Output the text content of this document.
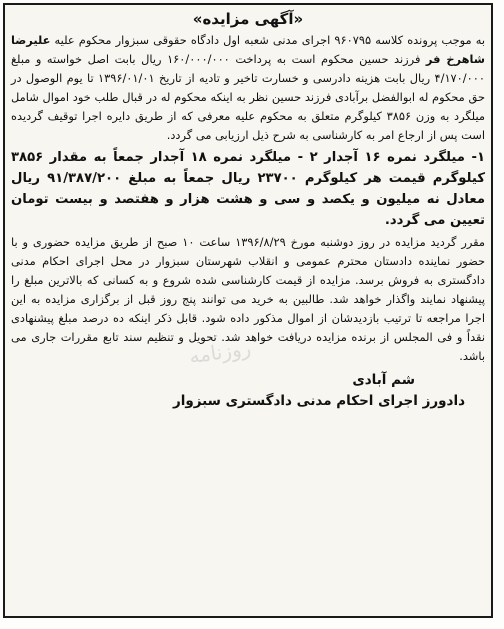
«آگهی مزایده»

به موجب پرونده کلاسه ۹۶۰۷۹۵ اجرای مدنی شعبه اول دادگاه حقوقی سبزوار محکوم علیه علیرضا شاهرخ فر فرزند حسین محکوم است به پرداخت ۱۶۰/۰۰۰/۰۰۰ ریال بابت اصل خواسته و مبلغ ۴/۱۷۰/۰۰۰ ریال بابت هزینه دادرسی و خسارت تاخیر و تادیه از تاریخ ۱۳۹۶/۰۱/۰۱ تا یوم الوصول در حق محکوم له ابوالفضل برآبادی فرزند حسین نظر به اینکه محکوم له در قبال طلب خود اموال شامل میلگرد به وزن ۳۸۵۶ کیلوگرم متعلق به محکوم علیه معرفی که از طریق دایره اجرا توقیف گردیده است پس از ارجاع امر به کارشناسی به شرح ذیل ارزیابی می گردد.

۱- میلگرد نمره ۱۶ آجدار ۲ - میلگرد نمره ۱۸ آجدار جمعاً به مقدار ۳۸۵۶ کیلوگرم قیمت هر کیلوگرم ۲۳۷۰۰ ریال جمعاً به مبلغ ۹۱/۳۸۷/۲۰۰ ریال معادل نه میلیون و یکصد و سی و هشت هزار و هفتصد و بیست تومان تعیین می گردد.

مقرر گردید مزایده در روز دوشنبه مورخ ۱۳۹۶/۸/۲۹ ساعت ۱۰ صبح از طریق مزایده حضوری و با حضور نماینده دادستان محترم عمومی و انقلاب شهرستان سبزوار در محل اجرای احکام مدنی دادگستری به فروش برسد. مزایده از قیمت کارشناسی شده شروع و به کسانی که بالاترین مبلغ را پیشنهاد نمایند واگذار خواهد شد. طالبین به خرید می توانند پنج روز قبل از برگزاری مزایده به این اجرا مراجعه تا ترتیب بازدیدشان از اموال مذکور داده شود. قابل ذکر اینکه ده درصد مبلغ پیشنهادی نقداً و فی المجلس از برنده مزایده دریافت خواهد شد. تحویل و تنظیم سند تابع مقررات جاری می باشد.

شم آبادی

دادورز اجرای احکام مدنی دادگستری سبزوار

روزنامه
